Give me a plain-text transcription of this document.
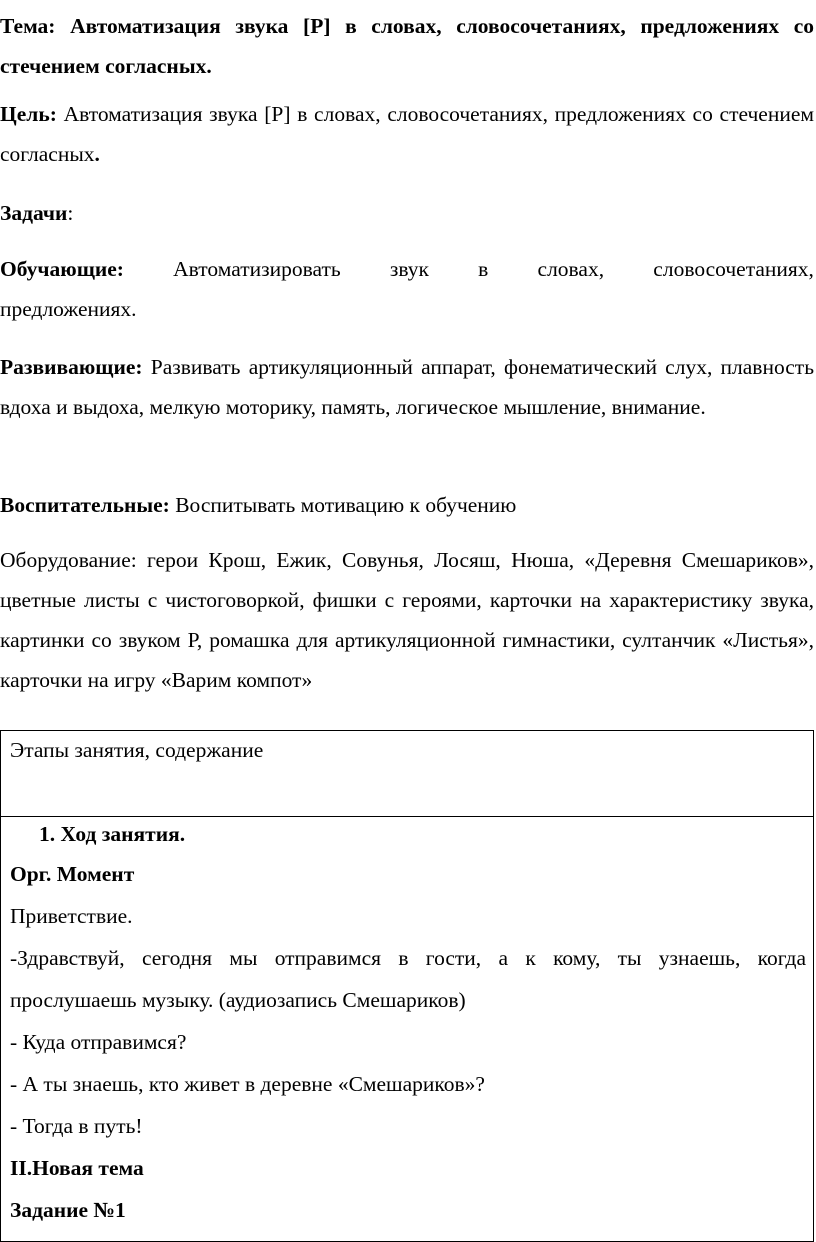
Тема: Автоматизация звука [Р] в словах, словосочетаниях, предложениях со стечением согласных.

Цель: Автоматизация звука [Р] в словах, словосочетаниях, предложениях со стечением согласных.

Задачи:

Обучающие: Автоматизировать звук в словах, словосочетаниях,
предложениях.

Развивающие: Развивать артикуляционный аппарат, фонематический слух, плавность вдоха и выдоха, мелкую моторику, память, логическое мышление, внимание.

Воспитательные: Воспитывать мотивацию к обучению

Оборудование: герои Крош, Ежик, Совунья, Лосяш, Нюша, «Деревня Смешариков», цветные листы с чистоговоркой, фишки с героями, карточки на характеристику звука, картинки со звуком Р, ромашка для артикуляционной гимнастики, султанчик «Листья», карточки на игру «Варим компот»

Этапы занятия, содержание

1. Ход занятия.

Орг. Момент

Приветствие.

-Здравствуй, сегодня мы отправимся в гости, а к кому, ты узнаешь, когда

прослушаешь музыку. (аудиозапись Смешариков)

- Куда отправимся?

- А ты знаешь, кто живет в деревне «Смешариков»?

- Тогда в путь!

II.Новая тема

Задание №1
